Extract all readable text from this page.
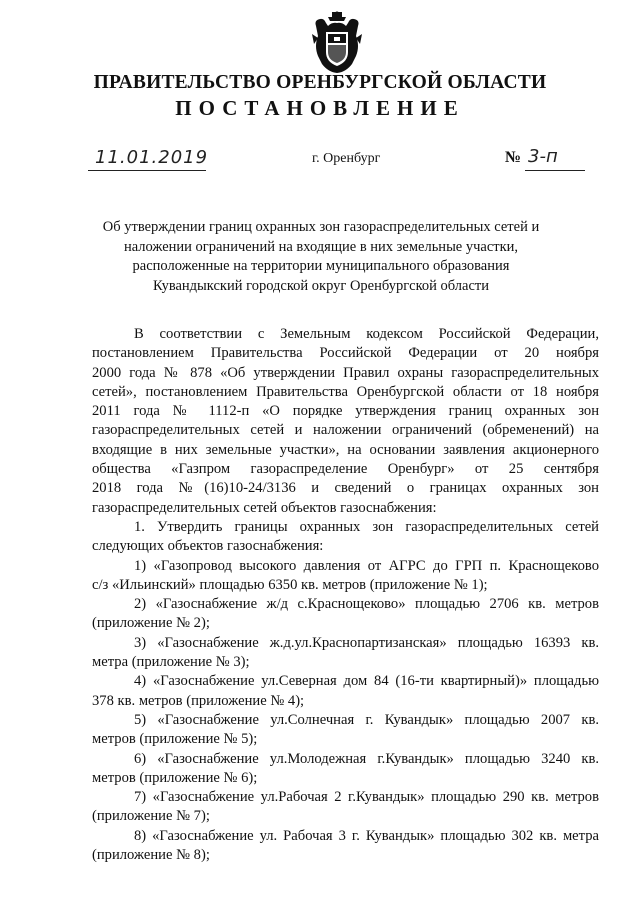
ПРАВИТЕЛЬСТВО ОРЕНБУРГСКОЙ ОБЛАСТИ
ПОСТАНОВЛЕНИЕ
11.01.2019	г. Оренбург	№ 3-п
Об утверждении границ охранных зон газораспределительных сетей и
наложении ограничений на входящие в них земельные участки,
расположенные на территории муниципального образования
Кувандыкский городской округ Оренбургской области
В соответствии с Земельным кодексом Российской Федерации,
постановлением Правительства Российской Федерации от 20 ноября
2000 года № 878 «Об утверждении Правил охраны газораспределительных
сетей», постановлением Правительства Оренбургской области от 18 ноября
2011 года № 1112-п «О порядке утверждения границ охранных зон
газораспределительных сетей и наложении ограничений (обременений) на
входящие в них земельные участки», на основании заявления акционерного
общества «Газпром газораспределение Оренбург» от 25 сентября
2018 года №(16)10-24/3136 и сведений о границах охранных зон
газораспределительных сетей объектов газоснабжения:
1. Утвердить границы охранных зон газораспределительных сетей
следующих объектов газоснабжения:
1) «Газопровод высокого давления от АГРС до ГРП п. Краснощеково
с/з «Ильинский» площадью 6350 кв. метров (приложение № 1);
2) «Газоснабжение ж/д с.Краснощеково» площадью 2706 кв. метров
(приложение № 2);
3) «Газоснабжение ж.д.ул.Краснопартизанская» площадью 16393 кв.
метра (приложение № 3);
4) «Газоснабжение ул.Северная дом 84 (16-ти квартирный)» площадью
378 кв. метров (приложение № 4);
5) «Газоснабжение ул.Солнечная г. Кувандык» площадью 2007 кв.
метров (приложение № 5);
6) «Газоснабжение ул.Молодежная г.Кувандык» площадью 3240 кв.
метров (приложение № 6);
7) «Газоснабжение ул.Рабочая 2 г.Кувандык» площадью 290 кв. метров
(приложение № 7);
8) «Газоснабжение ул. Рабочая 3 г. Кувандык» площадью 302 кв. метра
(приложение № 8);
